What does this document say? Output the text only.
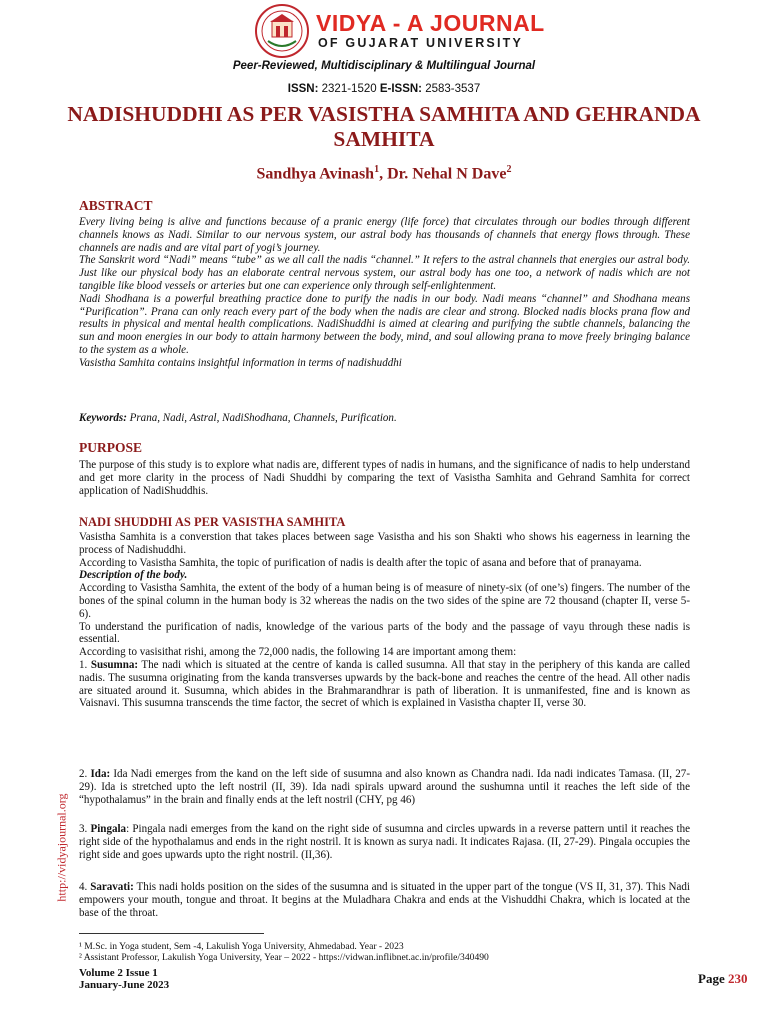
VIDYA - A JOURNAL
OF GUJARAT UNIVERSITY
Peer-Reviewed, Multidisciplinary & Multilingual Journal
ISSN: 2321-1520 E-ISSN: 2583-3537
NADISHUDDHI AS PER VASISTHA SAMHITA AND GEHRANDA SAMHITA
Sandhya Avinash$^1$, Dr. Nehal N Dave$^2$
ABSTRACT

Every living being is alive and functions because of a pranic energy (life force) that circulates through our bodies through different channels knows as Nadi. Similar to our nervous system, our astral body has thousands of channels that energy flows through. These channels are nadis and are vital part of yogi’s journey.

The Sanskrit word “Nadi” means “tube” as we all call the nadis “channel.” It refers to the astral channels that energies our astral body. Just like our physical body has an elaborate central nervous system, our astral body has one too, a network of nadis which are not tangible like blood vessels or arteries but one can experience only through self-enlightenment.

Nadi Shodhana is a powerful breathing practice done to purify the nadis in our body. Nadi means “channel” and Shodhana means “Purification”. Prana can only reach every part of the body when the nadis are clear and strong. Blocked nadis blocks prana flow and results in physical and mental health complications. NadiShuddhi is aimed at clearing and purifying the subtle channels, balancing the sun and moon energies in our body to attain harmony between the body, mind, and soul allowing prana to move freely bringing balance to the system as a whole.

Vasistha Samhita contains insightful information in terms of nadishuddhi

Keywords: Prana, Nadi, Astral, NadiShodhana, Channels, Purification.
PURPOSE
The purpose of this study is to explore what nadis are, different types of nadis in humans, and the significance of nadis to help understand and get more clarity in the process of Nadi Shuddhi by comparing the text of Vasistha Samhita and Gehrand Samhita for correct application of NadiShuddhis.
NADI SHUDDHI AS PER VASISTHA SAMHITA

Vasistha Samhita is a converstion that takes places between sage Vasistha and his son Shakti who shows his eagerness in learning the process of Nadishuddhi.

According to Vasistha Samhita, the topic of purification of nadis is dealth after the topic of asana and before that of pranayama.

Description of the body.

According to Vasistha Samhita, the extent of the body of a human being is of measure of ninety-six (of one’s) fingers. The number of the bones of the spinal column in the human body is 32 whereas the nadis on the two sides of the spine are 72 thousand (chapter II, verse 5-6).

To understand the purification of nadis, knowledge of the various parts of the body and the passage of vayu through these nadis is essential.

According to vasisithat rishi, among the 72,000 nadis, the following 14 are important among them:

1. Susumna: The nadi which is situated at the centre of kanda is called susumna. All that stay in the periphery of this kanda are called nadis. The susumna originating from the kanda transverses upwards by the back-bone and reaches the centre of the head. All other nadis are situated around it. Susumna, which abides in the Brahmarandhrar is path of liberation. It is unmanifested, fine and is known as Vaisnavi. This susumna transcends the time factor, the secret of which is explained in Vasistha chapter II, verse 30.

2. Ida: Ida Nadi emerges from the kand on the left side of susumna and also known as Chandra nadi. Ida nadi indicates Tamasa. (II, 27-29). Ida is stretched upto the left nostril (II, 39). Ida nadi spirals upward around the sushumna until it reaches the left side of the “hypothalamus” in the brain and finally ends at the left nostril (CHY, pg 46)
3. Pingala: Pingala nadi emerges from the kand on the right side of susumna and circles upwards in a reverse pattern until it reaches the right side of the hypothalamus and ends in the right nostril. It is known as surya nadi. It indicates Rajasa. (II, 27-29). Pingala occupies the right side and goes upwards upto the right nostril. (II,36).
4. Saravati: This nadi holds position on the sides of the susumna and is situated in the upper part of the tongue (VS II, 31, 37). This Nadi empowers your mouth, tongue and throat. It begins at the Muladhara Chakra and ends at the Vishuddhi Chakra, which is located at the base of the throat.
http://vidyajournal.org
¹ M.Sc. in Yoga student, Sem -4, Lakulish Yoga University, Ahmedabad. Year - 2023
² Assistant Professor, Lakulish Yoga University, Year – 2022 - https://vidwan.inflibnet.ac.in/profile/340490
Volume 2 Issue 1
January-June 2023	Page 230
